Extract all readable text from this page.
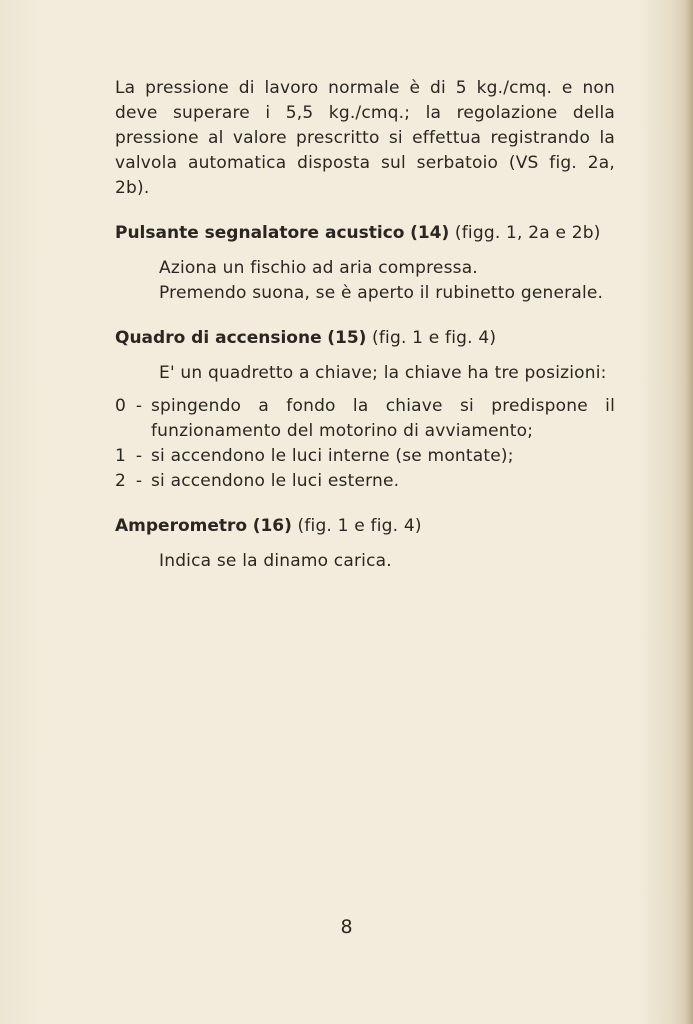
La pressione di lavoro normale è di 5 kg./cmq. e non deve superare i 5,5 kg./cmq.; la regolazione della pressione al valore prescritto si effettua registrando la valvola automatica disposta sul serbatoio (VS fig. 2a, 2b).

Pulsante segnalatore acustico (14) (figg. 1, 2a e 2b)

Aziona un fischio ad aria compressa.

Premendo suona, se è aperto il rubinetto generale.

Quadro di accensione (15) (fig. 1 e fig. 4)

E' un quadretto a chiave; la chiave ha tre posizioni:

0 - spingendo a fondo la chiave si predispone il funzionamento del motorino di avviamento;
1 - si accendono le luci interne (se montate);
2 - si accendono le luci esterne.

Amperometro (16) (fig. 1 e fig. 4)

Indica se la dinamo carica.

8
